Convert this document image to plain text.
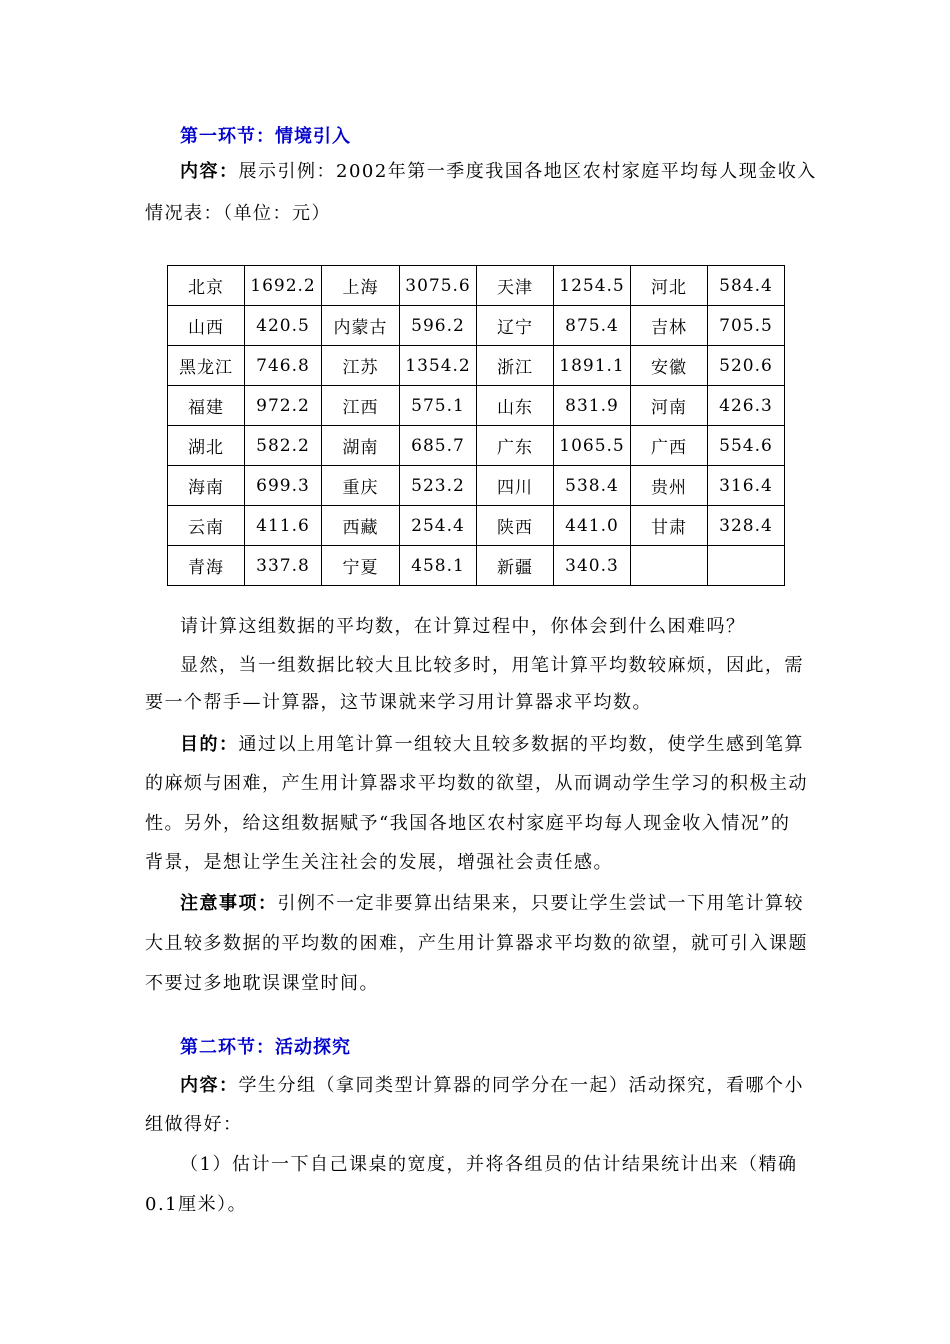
第一环节：情境引入
内容：展示引例：2002年第一季度我国各地区农村家庭平均每人现金收入
情况表：（单位：元）
北京	1692.2	上海	3075.6	天津	1254.5	河北	584.4
山西	420.5	内蒙古	596.2	辽宁	875.4	吉林	705.5
黑龙江	746.8	江苏	1354.2	浙江	1891.1	安徽	520.6
福建	972.2	江西	575.1	山东	831.9	河南	426.3
湖北	582.2	湖南	685.7	广东	1065.5	广西	554.6
海南	699.3	重庆	523.2	四川	538.4	贵州	316.4
云南	411.6	西藏	254.4	陕西	441.0	甘肃	328.4
青海	337.8	宁夏	458.1	新疆	340.3		
请计算这组数据的平均数，在计算过程中，你体会到什么困难吗？
显然，当一组数据比较大且比较多时，用笔计算平均数较麻烦，因此，需
要一个帮手—计算器，这节课就来学习用计算器求平均数。
目的：通过以上用笔计算一组较大且较多数据的平均数，使学生感到笔算
的麻烦与困难，产生用计算器求平均数的欲望，从而调动学生学习的积极主动
性。另外，给这组数据赋予“我国各地区农村家庭平均每人现金收入情况”的
背景，是想让学生关注社会的发展，增强社会责任感。
注意事项：引例不一定非要算出结果来，只要让学生尝试一下用笔计算较
大且较多数据的平均数的困难，产生用计算器求平均数的欲望，就可引入课题
不要过多地耽误课堂时间。
第二环节：活动探究
内容：学生分组（拿同类型计算器的同学分在一起）活动探究，看哪个小
组做得好：
（1）估计一下自己课桌的宽度，并将各组员的估计结果统计出来（精确
0.1厘米）。
